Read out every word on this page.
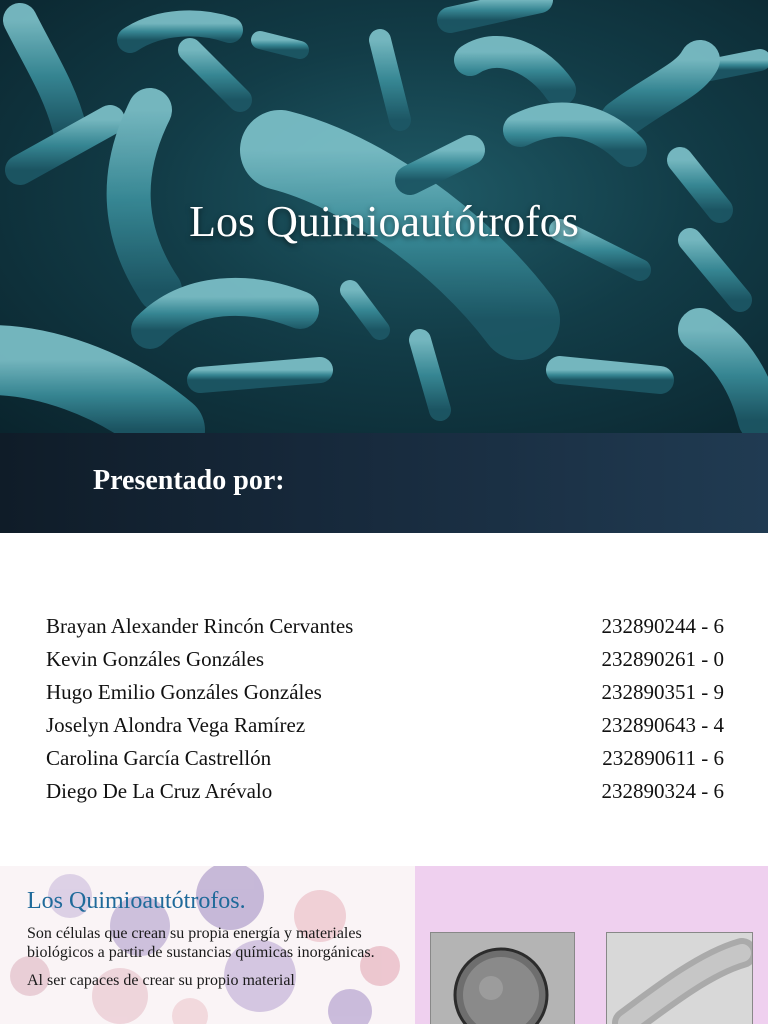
Los Quimioautótrofos
Presentado por:
Brayan Alexander Rincón Cervantes	232890244 - 6
Kevin Gonzáles Gonzáles	232890261 - 0
Hugo Emilio Gonzáles Gonzáles	232890351 - 9
Joselyn Alondra Vega Ramírez	232890643 - 4
Carolina García Castrellón	232890611 - 6
Diego De La Cruz Arévalo	232890324 - 6
Los Quimioautótrofos.

Son células que crean su propia energía y materiales biológicos a partir de sustancias químicas inorgánicas.

Al ser capaces de crear su propio material
